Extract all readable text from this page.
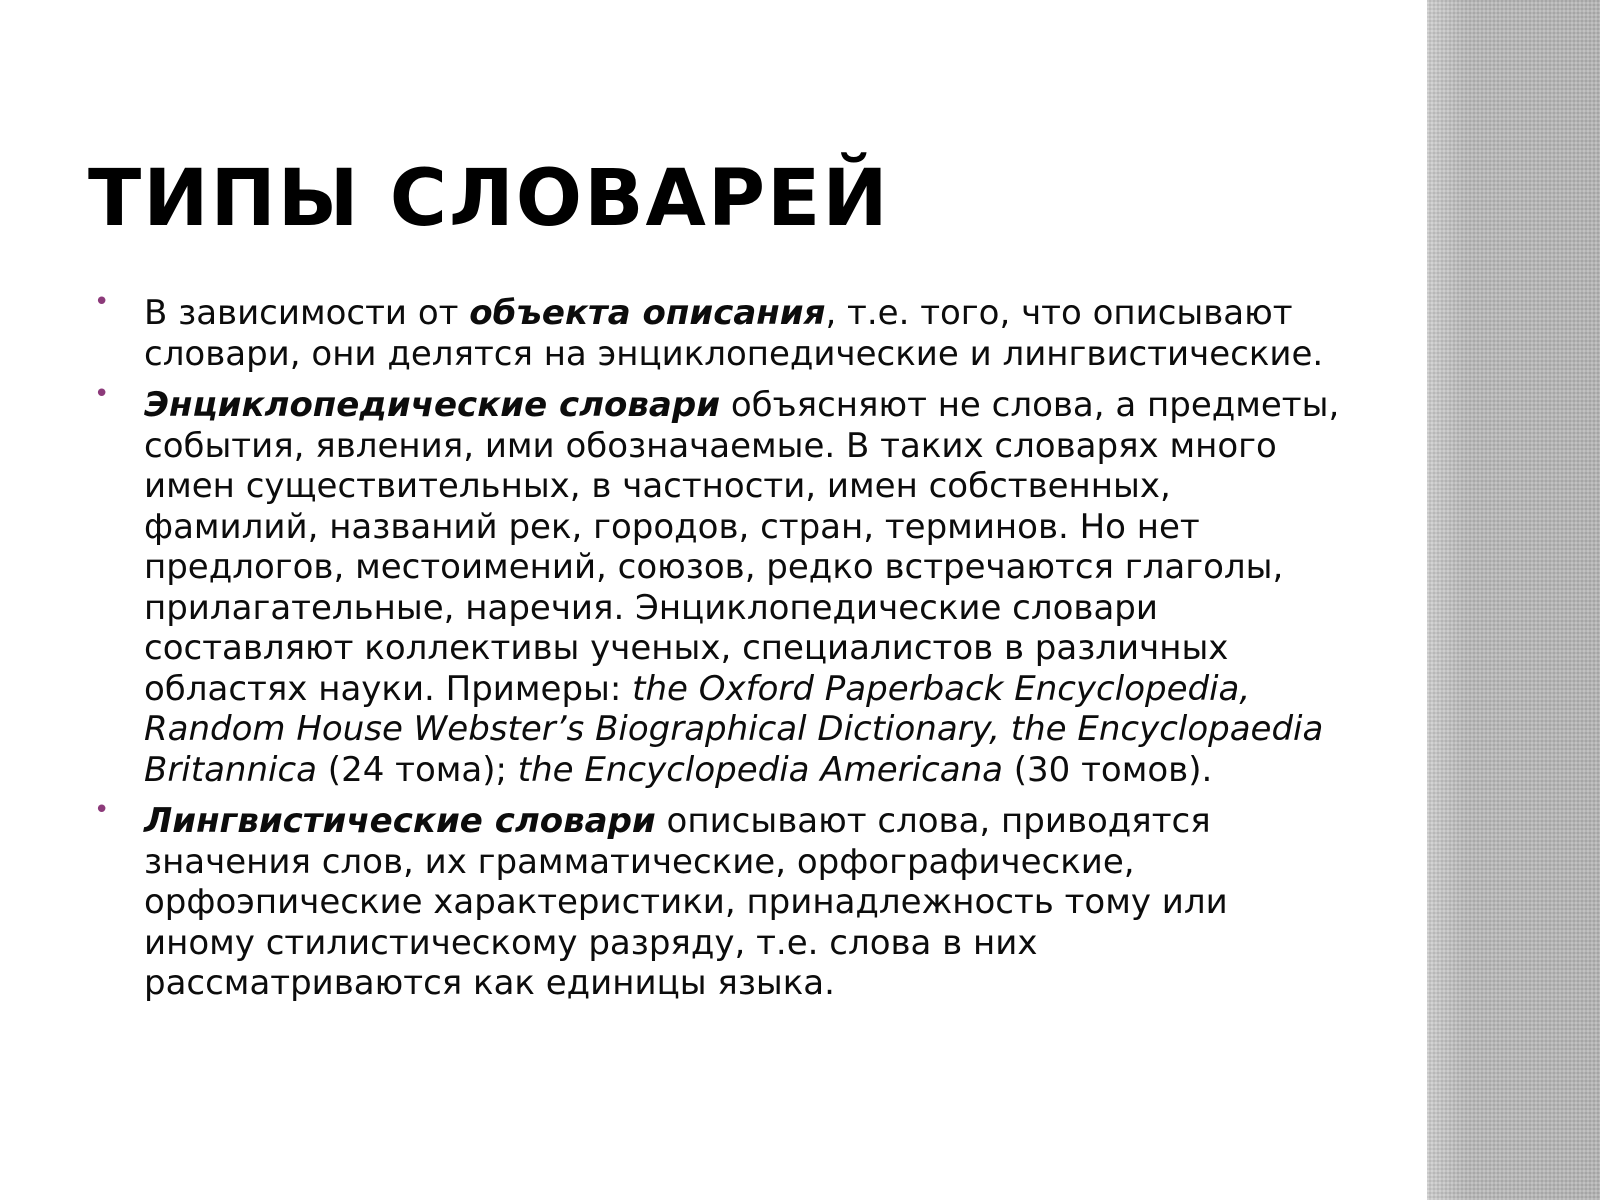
ТИПЫ СЛОВАРЕЙ
• В зависимости от объекта описания, т.е. того, что описывают словари, они делятся на энциклопедические и лингвистические.
• Энциклопедические словари объясняют не слова, а предметы, события, явления, ими обозначаемые. В таких словарях много имен существительных, в частности, имен собственных, фамилий, названий рек, городов, стран, терминов. Но нет предлогов, местоимений, союзов, редко встречаются глаголы, прилагательные, наречия. Энциклопедические словари составляют коллективы ученых, специалистов в различных областях науки. Примеры: the Oxford Paperback Encyclopedia, Random House Webster’s Biographical Dictionary, the Encyclopaedia Britannica (24 тома); the Encyclopedia Americana (30 томов).
• Лингвистические словари описывают слова, приводятся значения слов, их грамматические, орфографические, орфоэпические характеристики, принадлежность тому или иному стилистическому разряду, т.е. слова в них рассматриваются как единицы языка.
